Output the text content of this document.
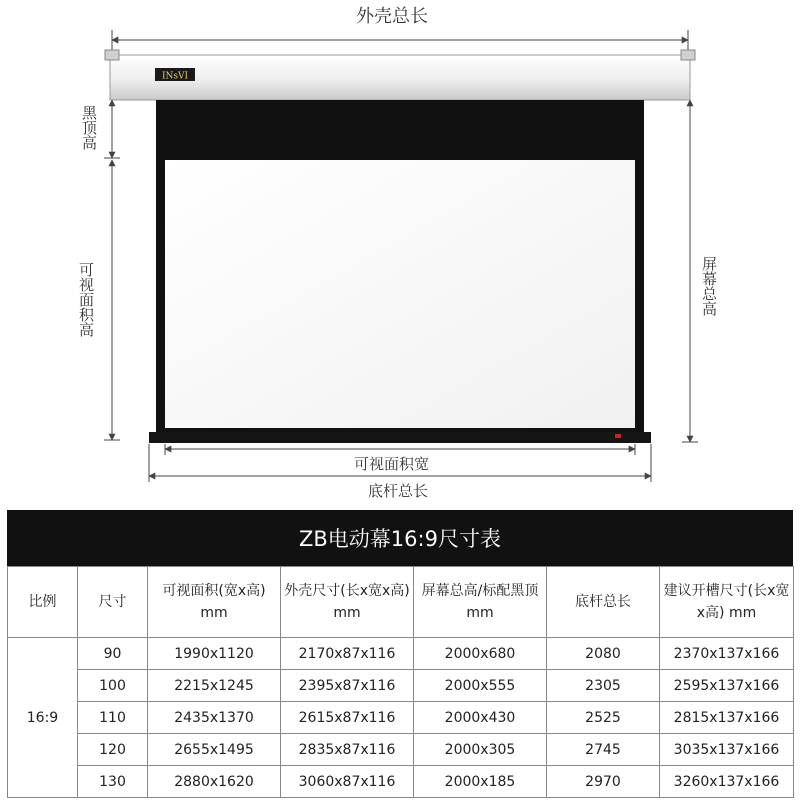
INsVI
外壳总长
黑顶高
可视面积高	屏幕总高
可视面积宽
底杆总长
ZB电动幕16:9尺寸表
比例	尺寸	可视面积(宽x高) mm	外壳尺寸(长x宽x高) mm	屏幕总高/标配黑顶 mm	底杆总长	建议开槽尺寸(长x宽x高) mm
16:9	90	1990x1120	2170x87x116	2000x680	2080	2370x137x166
	100	2215x1245	2395x87x116	2000x555	2305	2595x137x166
	110	2435x1370	2615x87x116	2000x430	2525	2815x137x166
	120	2655x1495	2835x87x116	2000x305	2745	3035x137x166
	130	2880x1620	3060x87x116	2000x185	2970	3260x137x166
